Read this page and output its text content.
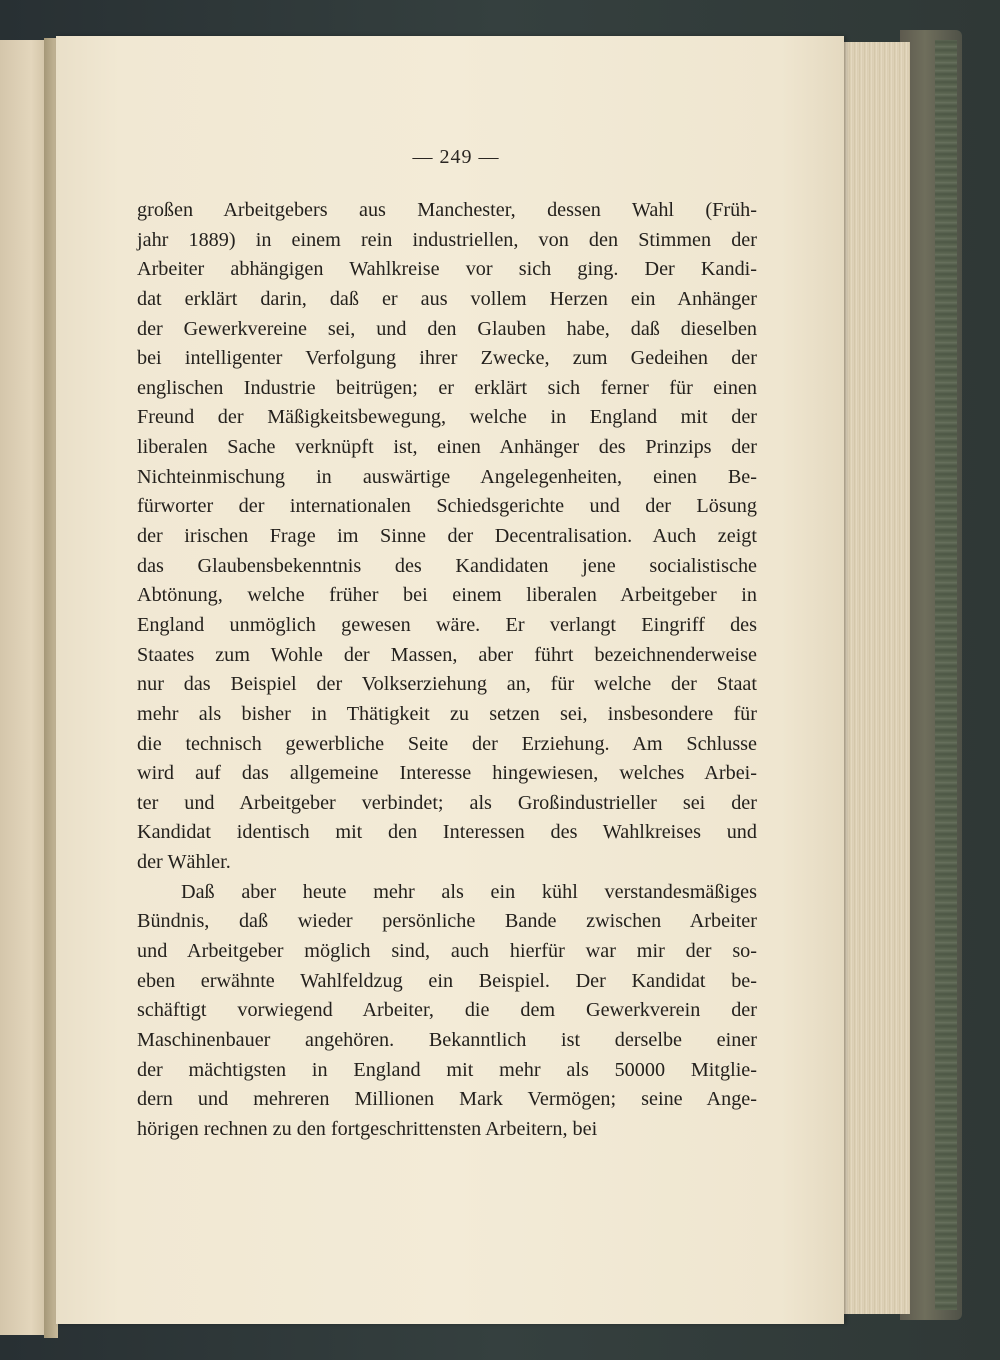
— 249 —
großen Arbeitgebers aus Manchester, dessen Wahl (Früh-
jahr 1889) in einem rein industriellen, von den Stimmen der
Arbeiter abhängigen Wahlkreise vor sich ging. Der Kandi-
dat erklärt darin, daß er aus vollem Herzen ein Anhänger
der Gewerkvereine sei, und den Glauben habe, daß dieselben
bei intelligenter Verfolgung ihrer Zwecke, zum Gedeihen der
englischen Industrie beitrügen; er erklärt sich ferner für einen
Freund der Mäßigkeitsbewegung, welche in England mit der
liberalen Sache verknüpft ist, einen Anhänger des Prinzips der
Nichteinmischung in auswärtige Angelegenheiten, einen Be-
fürworter der internationalen Schiedsgerichte und der Lösung
der irischen Frage im Sinne der Decentralisation. Auch zeigt
das Glaubensbekenntnis des Kandidaten jene socialistische
Abtönung, welche früher bei einem liberalen Arbeitgeber in
England unmöglich gewesen wäre. Er verlangt Eingriff des
Staates zum Wohle der Massen, aber führt bezeichnenderweise
nur das Beispiel der Volkserziehung an, für welche der Staat
mehr als bisher in Thätigkeit zu setzen sei, insbesondere für
die technisch gewerbliche Seite der Erziehung. Am Schlusse
wird auf das allgemeine Interesse hingewiesen, welches Arbei-
ter und Arbeitgeber verbindet; als Großindustrieller sei der
Kandidat identisch mit den Interessen des Wahlkreises und
der Wähler.
Daß aber heute mehr als ein kühl verstandesmäßiges
Bündnis, daß wieder persönliche Bande zwischen Arbeiter
und Arbeitgeber möglich sind, auch hierfür war mir der so-
eben erwähnte Wahlfeldzug ein Beispiel. Der Kandidat be-
schäftigt vorwiegend Arbeiter, die dem Gewerkverein der
Maschinenbauer angehören. Bekanntlich ist derselbe einer
der mächtigsten in England mit mehr als 50000 Mitglie-
dern und mehreren Millionen Mark Vermögen; seine Ange-
hörigen rechnen zu den fortgeschrittensten Arbeitern, bei
